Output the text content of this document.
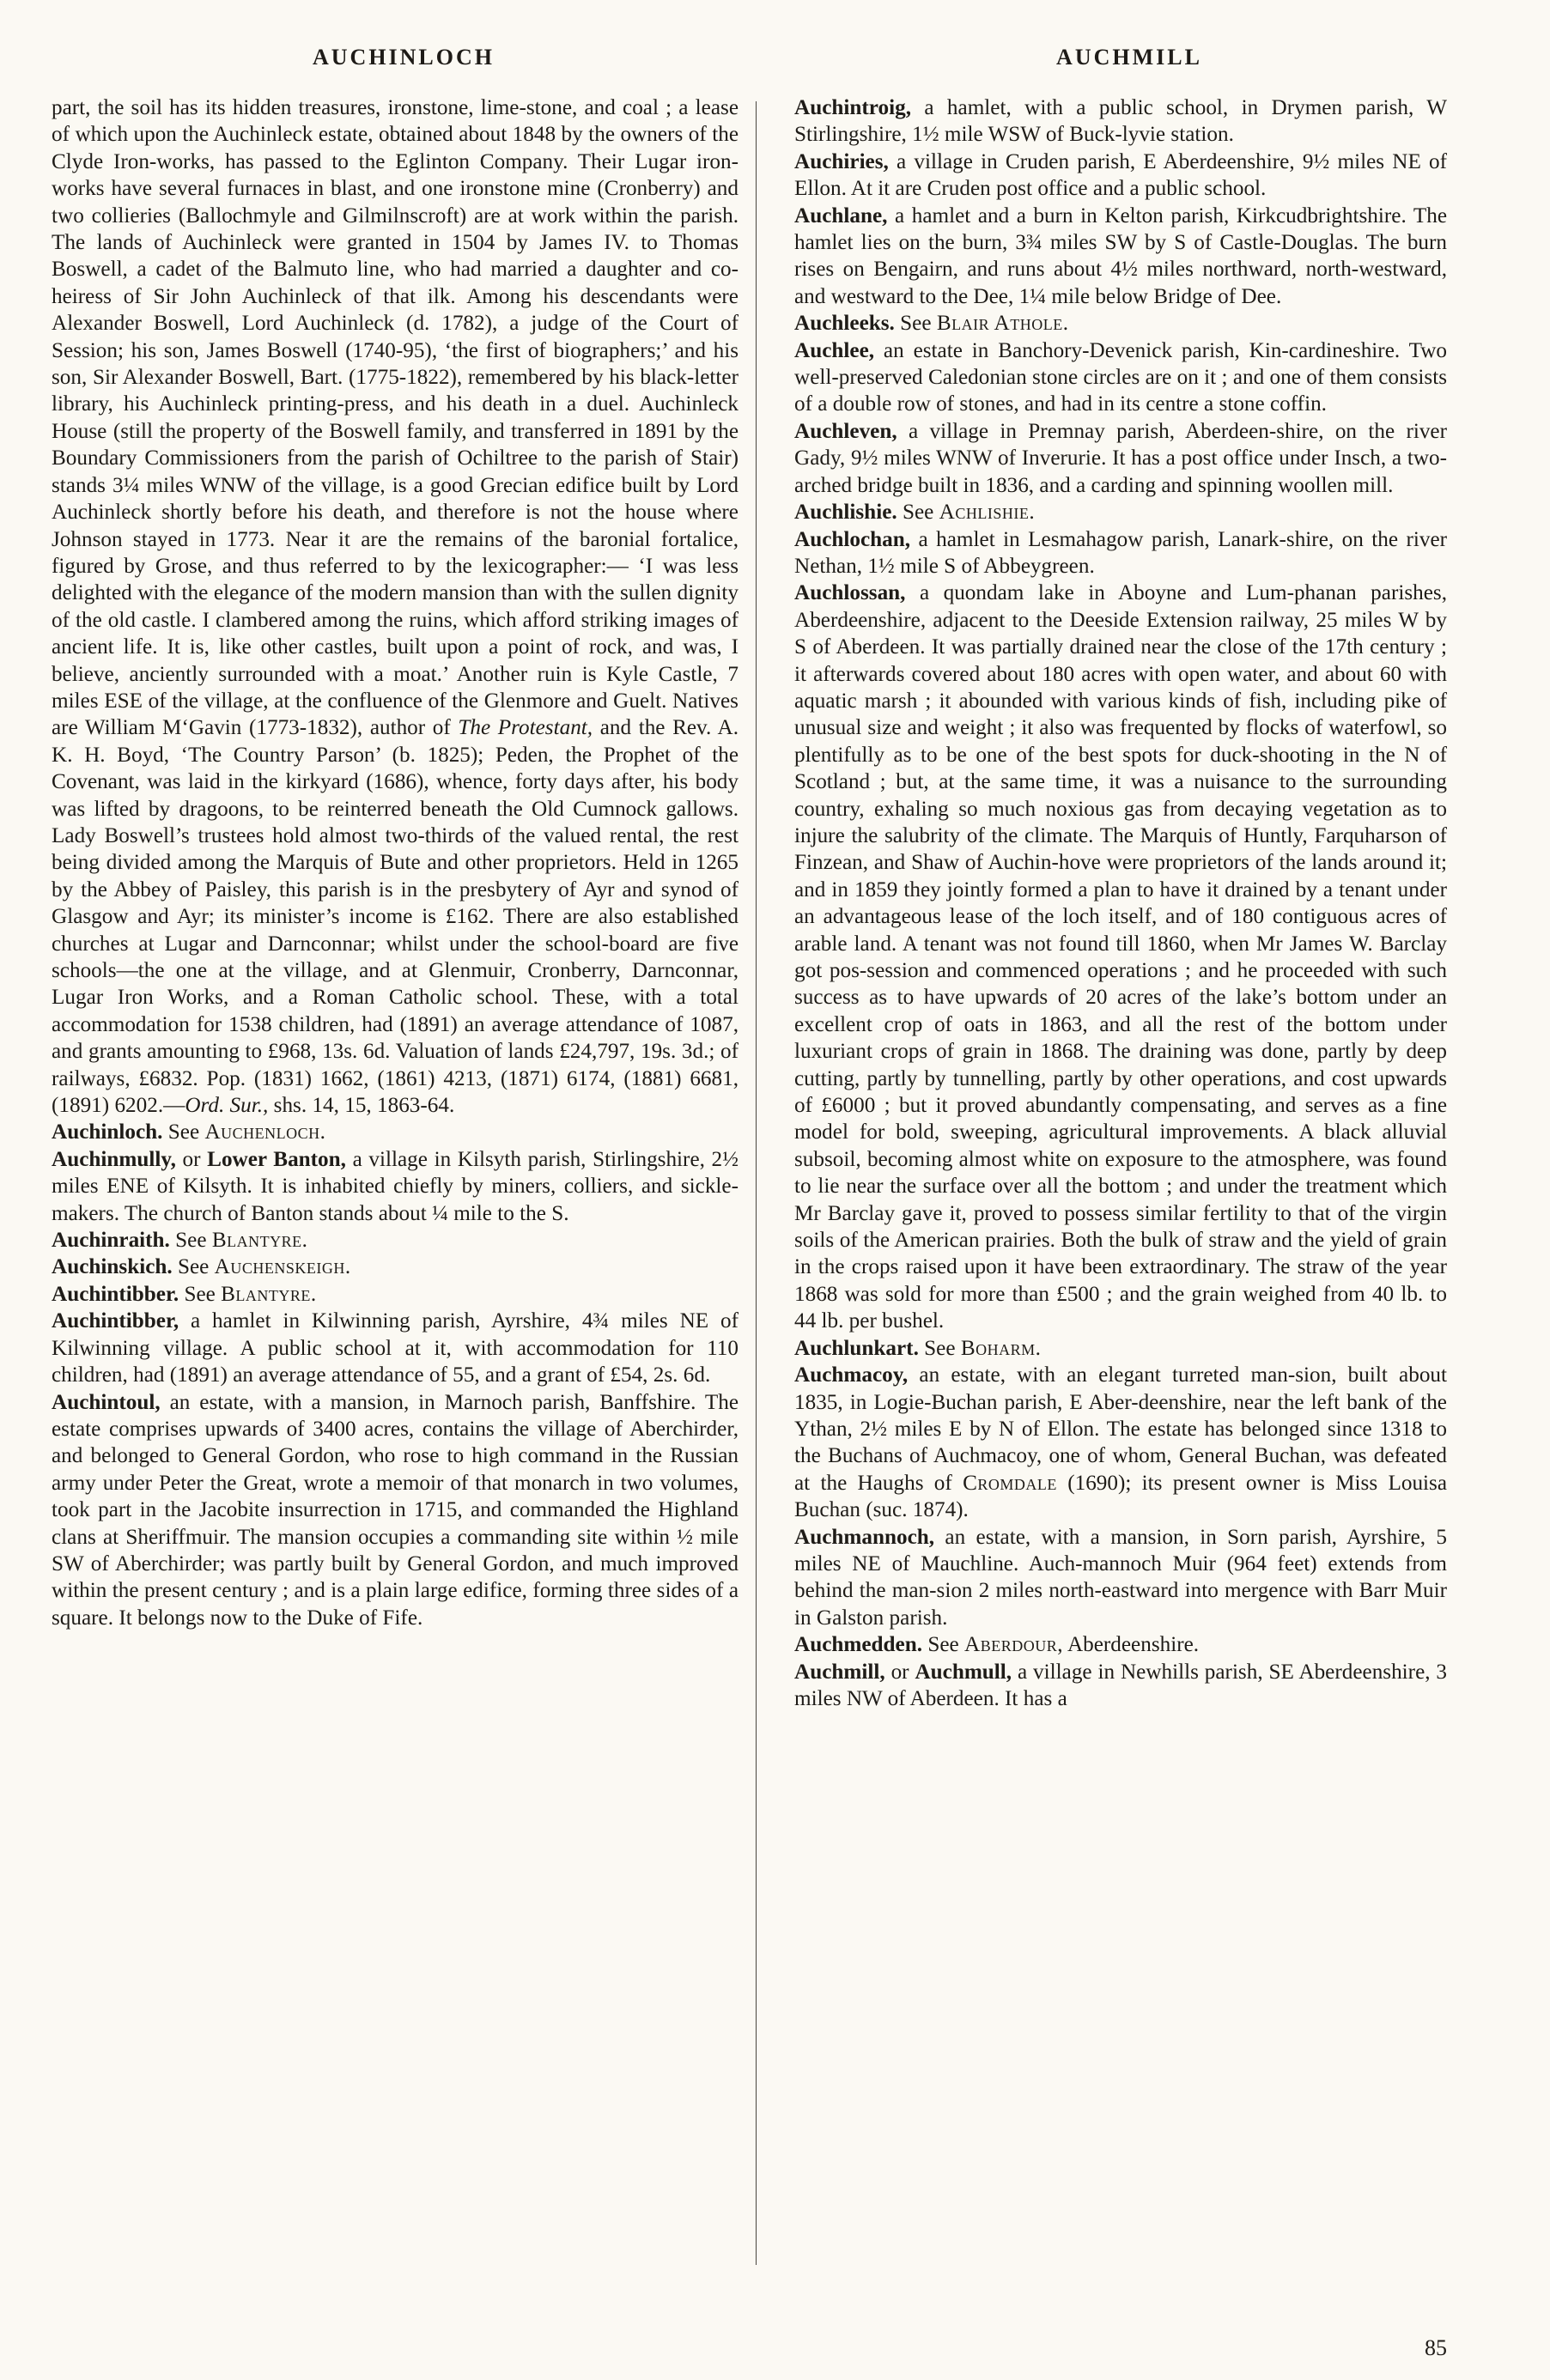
AUCHINLOCH	AUCHMILL

part, the soil has its hidden treasures, ironstone, lime-stone, and coal ; a lease of which upon the Auchinleck estate, obtained about 1848 by the owners of the Clyde Iron-works, has passed to the Eglinton Company. Their Lugar iron-works have several furnaces in blast, and one ironstone mine (Cronberry) and two collieries (Ballochmyle and Gilmilnscroft) are at work within the parish. The lands of Auchinleck were granted in 1504 by James IV. to Thomas Boswell, a cadet of the Balmuto line, who had married a daughter and co-heiress of Sir John Auchinleck of that ilk. Among his descendants were Alexander Boswell, Lord Auchinleck (d. 1782), a judge of the Court of Session; his son, James Boswell (1740-95), ‘the first of biographers;’ and his son, Sir Alexander Boswell, Bart. (1775-1822), remembered by his black-letter library, his Auchinleck printing-press, and his death in a duel. Auchinleck House (still the property of the Boswell family, and transferred in 1891 by the Boundary Commissioners from the parish of Ochiltree to the parish of Stair) stands 3¼ miles WNW of the village, is a good Grecian edifice built by Lord Auchinleck shortly before his death, and therefore is not the house where Johnson stayed in 1773. Near it are the remains of the baronial fortalice, figured by Grose, and thus referred to by the lexicographer:— ‘I was less delighted with the elegance of the modern mansion than with the sullen dignity of the old castle. I clambered among the ruins, which afford striking images of ancient life. It is, like other castles, built upon a point of rock, and was, I believe, anciently surrounded with a moat.’ Another ruin is Kyle Castle, 7 miles ESE of the village, at the confluence of the Glenmore and Guelt. Natives are William M‘Gavin (1773-1832), author of The Protestant, and the Rev. A. K. H. Boyd, ‘The Country Parson’ (b. 1825); Peden, the Prophet of the Covenant, was laid in the kirkyard (1686), whence, forty days after, his body was lifted by dragoons, to be reinterred beneath the Old Cumnock gallows. Lady Boswell’s trustees hold almost two-thirds of the valued rental, the rest being divided among the Marquis of Bute and other proprietors. Held in 1265 by the Abbey of Paisley, this parish is in the presbytery of Ayr and synod of Glasgow and Ayr; its minister’s income is £162. There are also established churches at Lugar and Darnconnar; whilst under the school-board are five schools—the one at the village, and at Glenmuir, Cronberry, Darnconnar, Lugar Iron Works, and a Roman Catholic school. These, with a total accommodation for 1538 children, had (1891) an average attendance of 1087, and grants amounting to £968, 13s. 6d. Valuation of lands £24,797, 19s. 3d.; of railways, £6832. Pop. (1831) 1662, (1861) 4213, (1871) 6174, (1881) 6681, (1891) 6202.—Ord. Sur., shs. 14, 15, 1863-64.

Auchinloch. See Auchenloch.

Auchinmully, or Lower Banton, a village in Kilsyth parish, Stirlingshire, 2½ miles ENE of Kilsyth. It is inhabited chiefly by miners, colliers, and sickle-makers. The church of Banton stands about ¼ mile to the S.

Auchinraith. See Blantyre.

Auchinskich. See Auchenskeigh.

Auchintibber. See Blantyre.

Auchintibber, a hamlet in Kilwinning parish, Ayrshire, 4¾ miles NE of Kilwinning village. A public school at it, with accommodation for 110 children, had (1891) an average attendance of 55, and a grant of £54, 2s. 6d.

Auchintoul, an estate, with a mansion, in Marnoch parish, Banffshire. The estate comprises upwards of 3400 acres, contains the village of Aberchirder, and belonged to General Gordon, who rose to high command in the Russian army under Peter the Great, wrote a memoir of that monarch in two volumes, took part in the Jacobite insurrection in 1715, and commanded the Highland clans at Sheriffmuir. The mansion occupies a commanding site within ½ mile SW of Aberchirder; was partly built by General Gordon, and much improved within the present century ; and is a plain large edifice, forming three sides of a square. It belongs now to the Duke of Fife.

Auchintroig, a hamlet, with a public school, in Drymen parish, W Stirlingshire, 1½ mile WSW of Buck-lyvie station.

Auchiries, a village in Cruden parish, E Aberdeenshire, 9½ miles NE of Ellon. At it are Cruden post office and a public school.

Auchlane, a hamlet and a burn in Kelton parish, Kirkcudbrightshire. The hamlet lies on the burn, 3¾ miles SW by S of Castle-Douglas. The burn rises on Bengairn, and runs about 4½ miles northward, north-westward, and westward to the Dee, 1¼ mile below Bridge of Dee.

Auchleeks. See Blair Athole.

Auchlee, an estate in Banchory-Devenick parish, Kin-cardineshire. Two well-preserved Caledonian stone circles are on it ; and one of them consists of a double row of stones, and had in its centre a stone coffin.

Auchleven, a village in Premnay parish, Aberdeen-shire, on the river Gady, 9½ miles WNW of Inverurie. It has a post office under Insch, a two-arched bridge built in 1836, and a carding and spinning woollen mill.

Auchlishie. See Achlishie.

Auchlochan, a hamlet in Lesmahagow parish, Lanark-shire, on the river Nethan, 1½ mile S of Abbeygreen.

Auchlossan, a quondam lake in Aboyne and Lum-phanan parishes, Aberdeenshire, adjacent to the Deeside Extension railway, 25 miles W by S of Aberdeen. It was partially drained near the close of the 17th century ; it afterwards covered about 180 acres with open water, and about 60 with aquatic marsh ; it abounded with various kinds of fish, including pike of unusual size and weight ; it also was frequented by flocks of waterfowl, so plentifully as to be one of the best spots for duck-shooting in the N of Scotland ; but, at the same time, it was a nuisance to the surrounding country, exhaling so much noxious gas from decaying vegetation as to injure the salubrity of the climate. The Marquis of Huntly, Farquharson of Finzean, and Shaw of Auchin-hove were proprietors of the lands around it; and in 1859 they jointly formed a plan to have it drained by a tenant under an advantageous lease of the loch itself, and of 180 contiguous acres of arable land. A tenant was not found till 1860, when Mr James W. Barclay got pos-session and commenced operations ; and he proceeded with such success as to have upwards of 20 acres of the lake’s bottom under an excellent crop of oats in 1863, and all the rest of the bottom under luxuriant crops of grain in 1868. The draining was done, partly by deep cutting, partly by tunnelling, partly by other operations, and cost upwards of £6000 ; but it proved abundantly compensating, and serves as a fine model for bold, sweeping, agricultural improvements. A black alluvial subsoil, becoming almost white on exposure to the atmosphere, was found to lie near the surface over all the bottom ; and under the treatment which Mr Barclay gave it, proved to possess similar fertility to that of the virgin soils of the American prairies. Both the bulk of straw and the yield of grain in the crops raised upon it have been extraordinary. The straw of the year 1868 was sold for more than £500 ; and the grain weighed from 40 lb. to 44 lb. per bushel.

Auchlunkart. See Boharm.

Auchmacoy, an estate, with an elegant turreted man-sion, built about 1835, in Logie-Buchan parish, E Aber-deenshire, near the left bank of the Ythan, 2½ miles E by N of Ellon. The estate has belonged since 1318 to the Buchans of Auchmacoy, one of whom, General Buchan, was defeated at the Haughs of Cromdale (1690); its present owner is Miss Louisa Buchan (suc. 1874).

Auchmannoch, an estate, with a mansion, in Sorn parish, Ayrshire, 5 miles NE of Mauchline. Auch-mannoch Muir (964 feet) extends from behind the man-sion 2 miles north-eastward into mergence with Barr Muir in Galston parish.

Auchmedden. See Aberdour, Aberdeenshire.

Auchmill, or Auchmull, a village in Newhills parish, SE Aberdeenshire, 3 miles NW of Aberdeen. It has a

85
